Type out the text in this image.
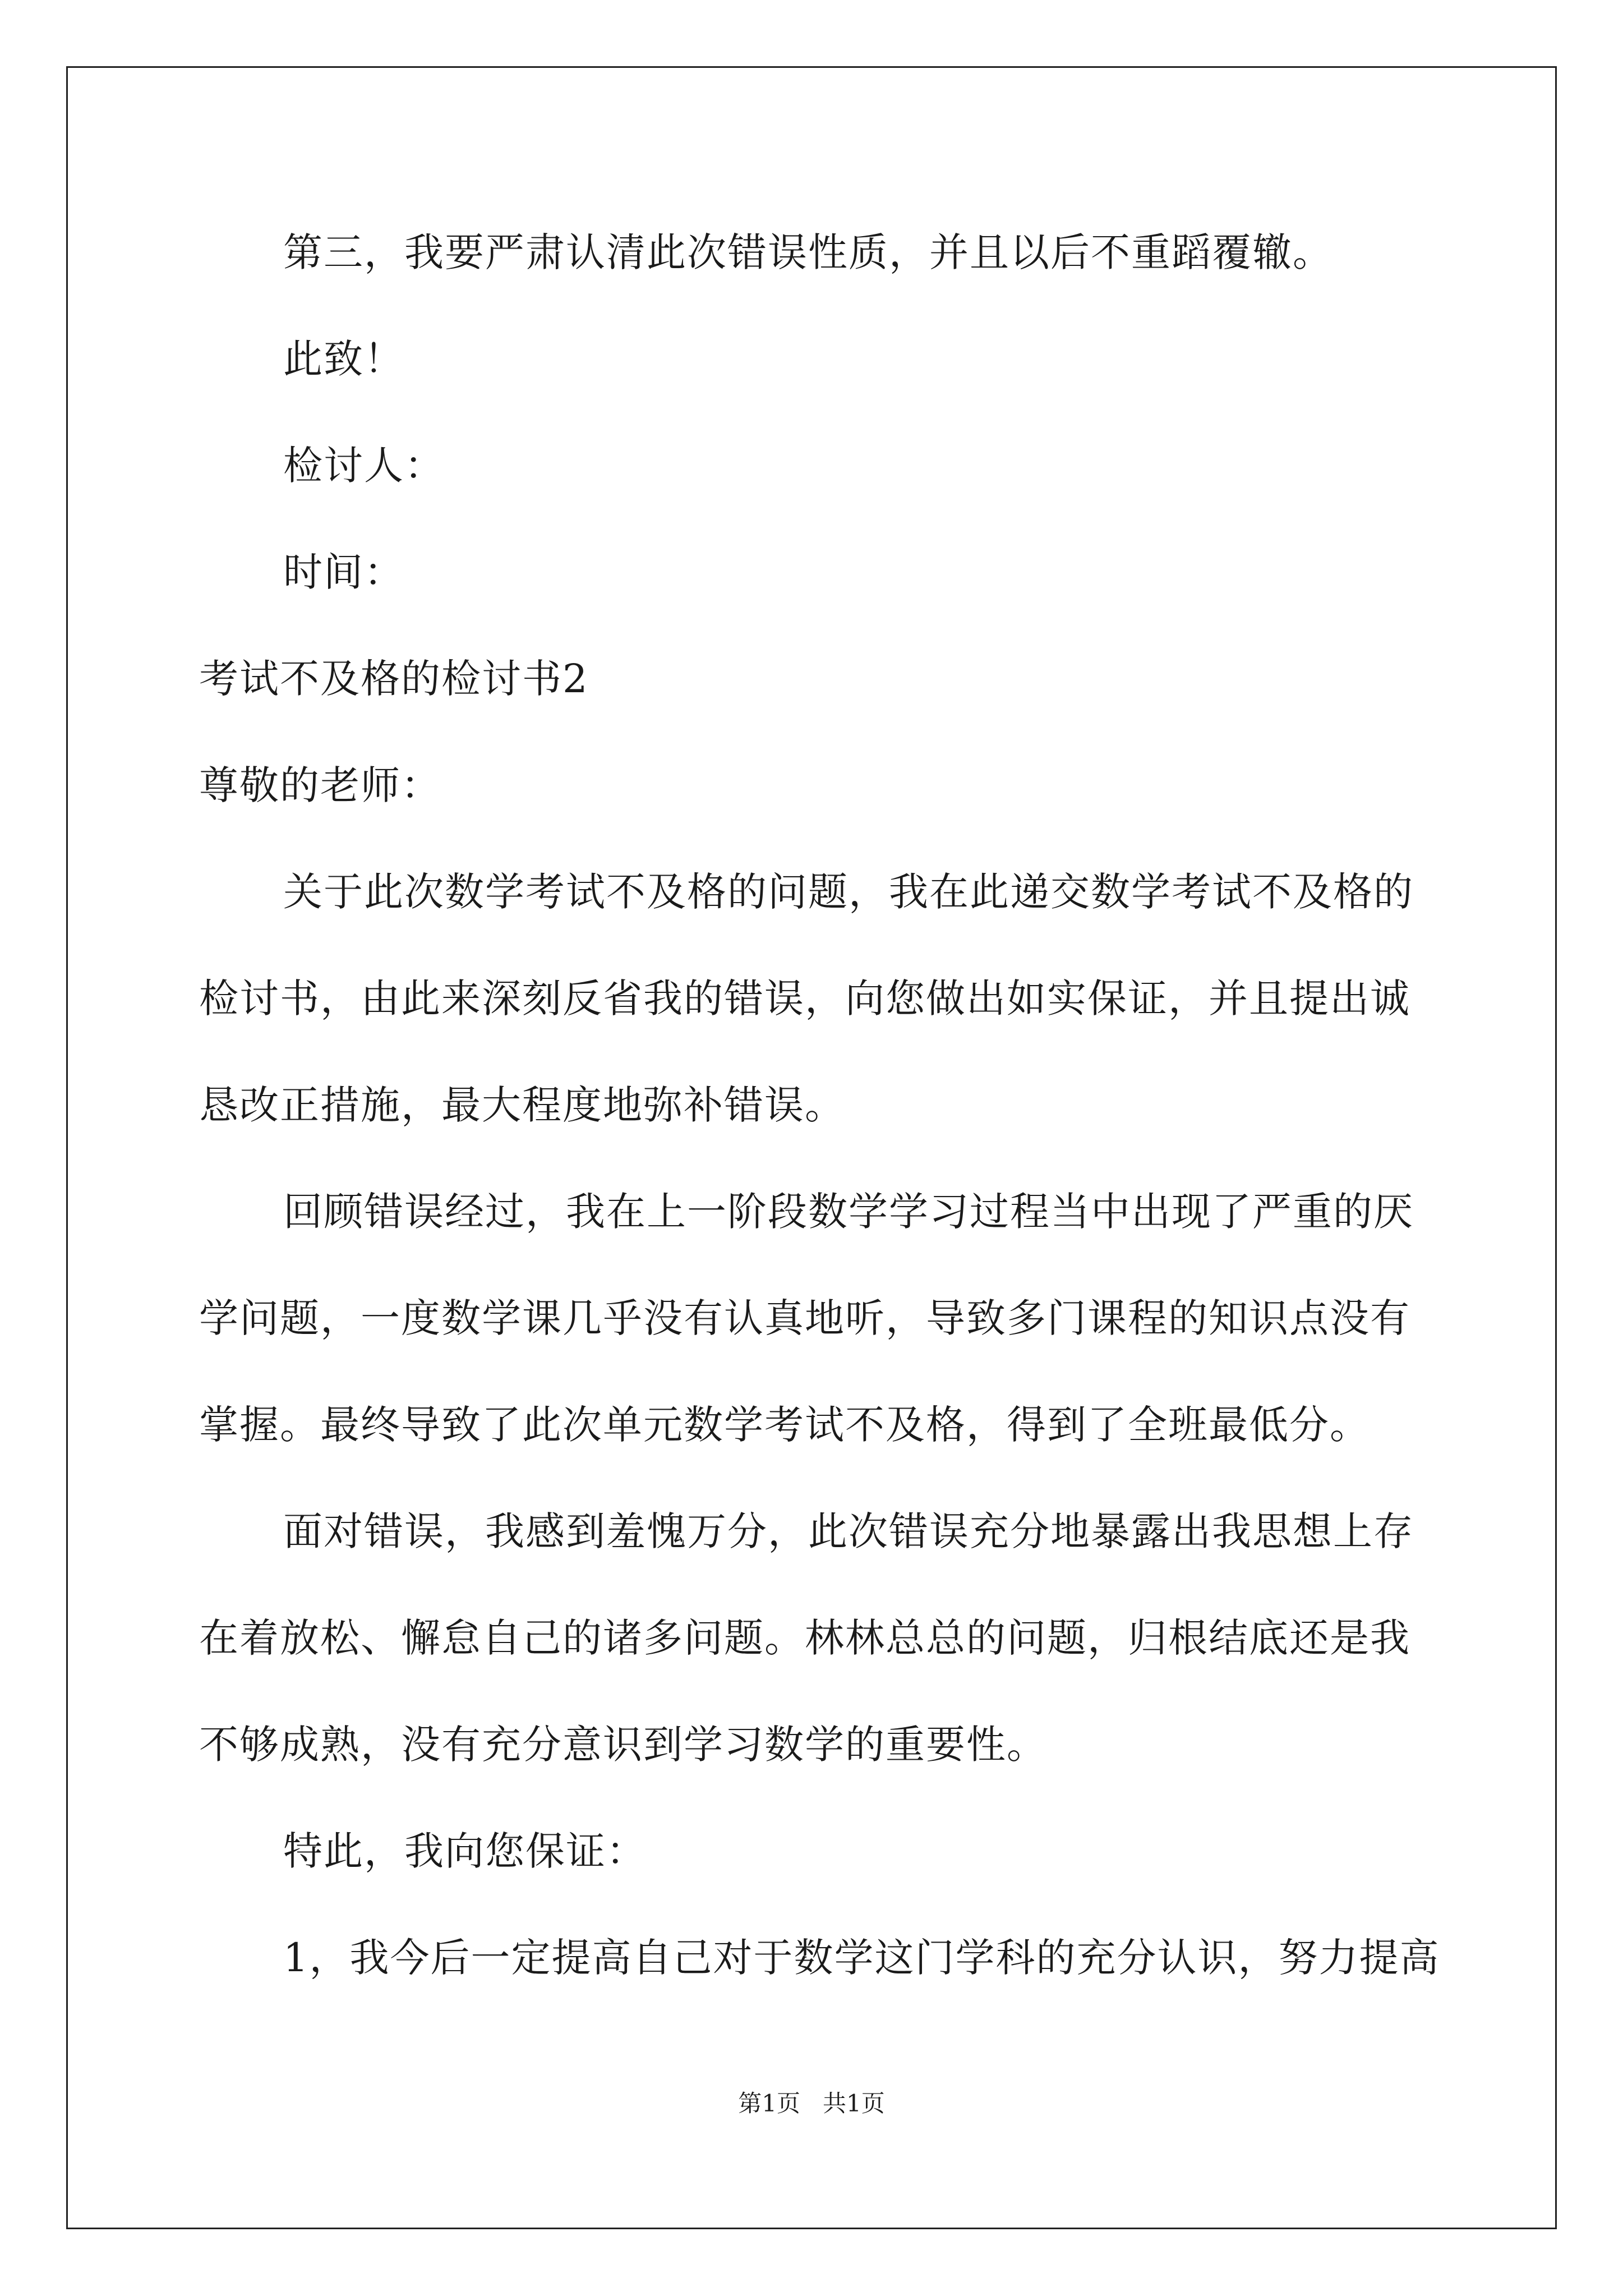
第三，我要严肃认清此次错误性质，并且以后不重蹈覆辙。
此致！
检讨人：
时间：
考试不及格的检讨书2
尊敬的老师：
关于此次数学考试不及格的问题，我在此递交数学考试不及格的
检讨书，由此来深刻反省我的错误，向您做出如实保证，并且提出诚
恳改正措施，最大程度地弥补错误。
回顾错误经过，我在上一阶段数学学习过程当中出现了严重的厌
学问题，一度数学课几乎没有认真地听，导致多门课程的知识点没有
掌握。最终导致了此次单元数学考试不及格，得到了全班最低分。
面对错误，我感到羞愧万分，此次错误充分地暴露出我思想上存
在着放松、懈怠自己的诸多问题。林林总总的问题，归根结底还是我
不够成熟，没有充分意识到学习数学的重要性。
特此，我向您保证：
1，我今后一定提高自己对于数学这门学科的充分认识，努力提高
第1页   共1页
